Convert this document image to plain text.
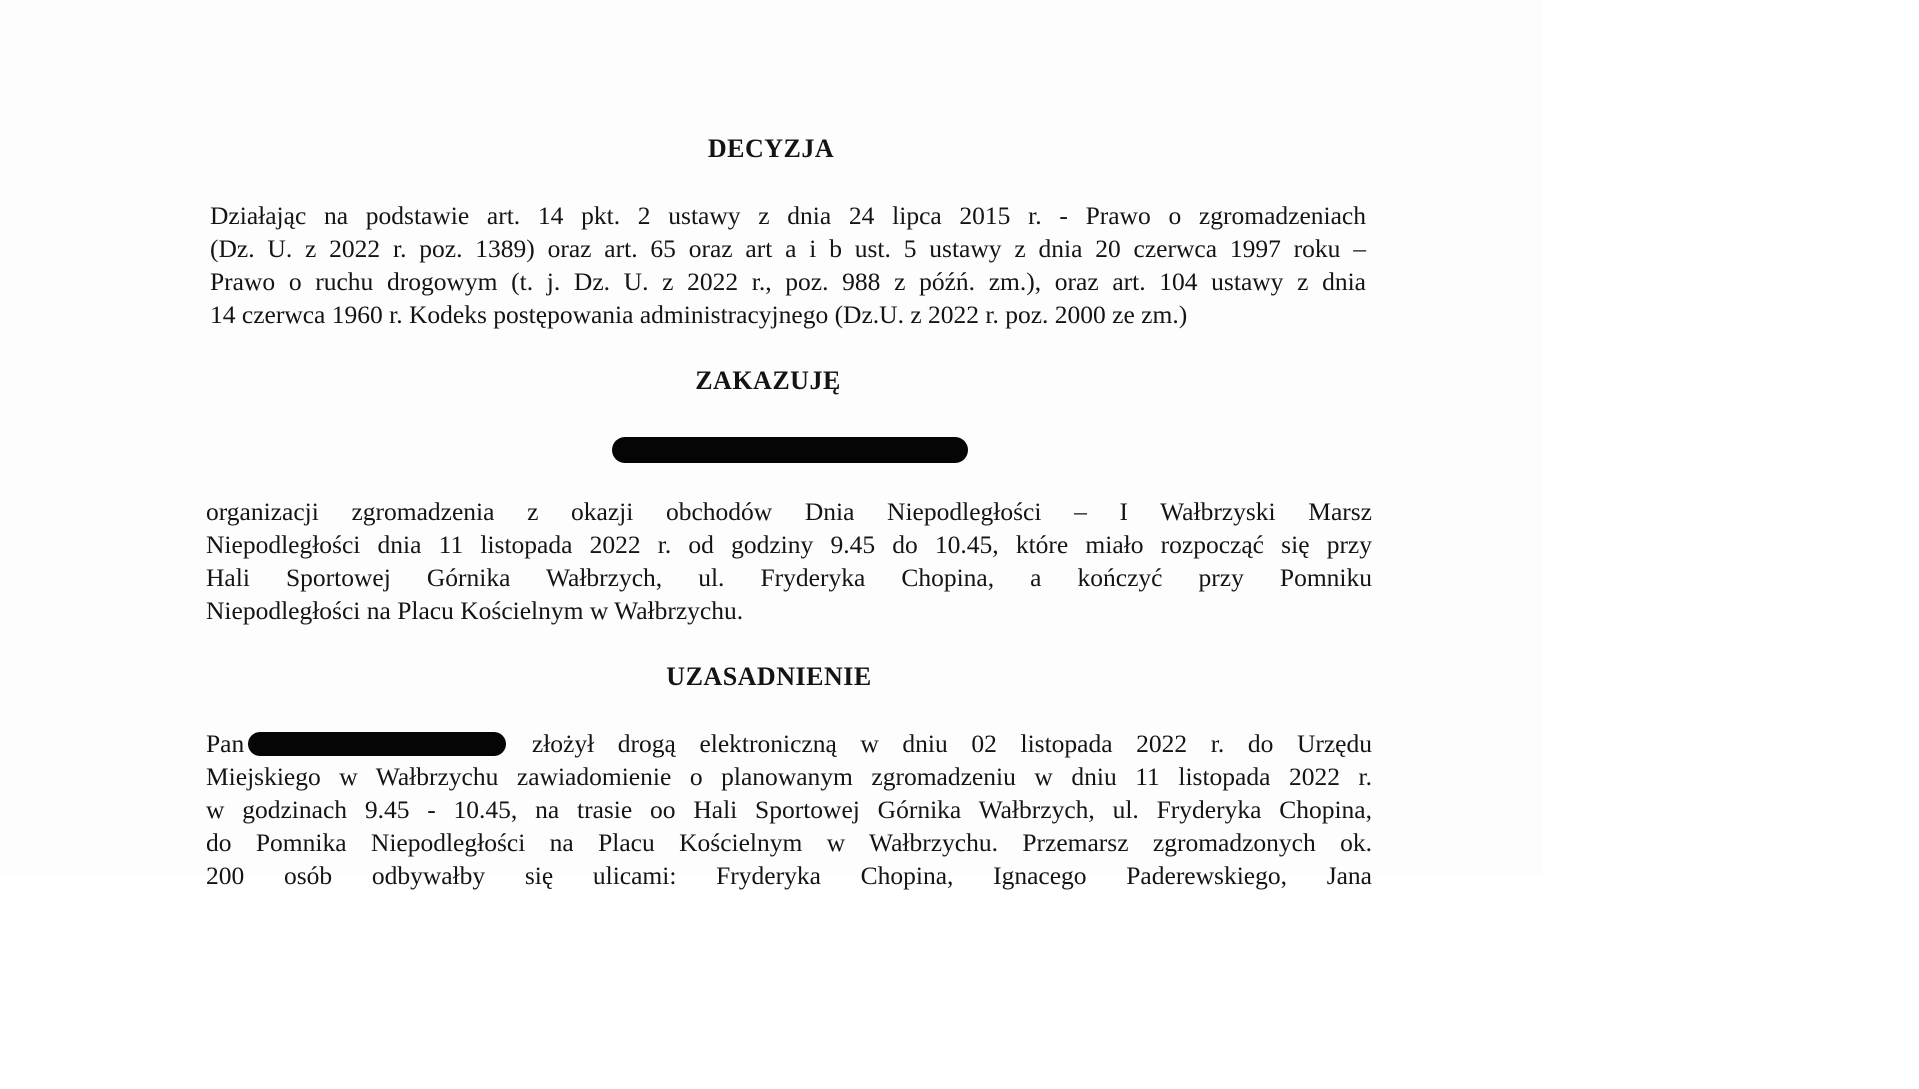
DECYZJA
Działając na podstawie art. 14 pkt. 2 ustawy z dnia 24 lipca 2015 r. - Prawo o zgromadzeniach
(Dz. U. z 2022 r. poz. 1389) oraz art. 65 oraz art a i b ust. 5 ustawy z dnia 20 czerwca 1997 roku –
Prawo o ruchu drogowym (t. j. Dz. U. z 2022 r., poz. 988 z późń. zm.), oraz art. 104 ustawy z dnia
14 czerwca 1960 r. Kodeks postępowania administracyjnego (Dz.U. z 2022 r. poz. 2000 ze zm.)
ZAKAZUJĘ
organizacji zgromadzenia z okazji obchodów Dnia Niepodległości – I Wałbrzyski Marsz
Niepodległości dnia 11 listopada 2022 r. od godziny 9.45 do 10.45, które miało rozpocząć się przy
Hali Sportowej Górnika Wałbrzych, ul. Fryderyka Chopina, a kończyć przy Pomniku
Niepodległości na Placu Kościelnym w Wałbrzychu.
UZASADNIENIE
Pan	złożył drogą elektroniczną w dniu 02 listopada 2022 r. do Urzędu
Miejskiego w Wałbrzychu zawiadomienie o planowanym zgromadzeniu w dniu 11 listopada 2022 r.
w godzinach 9.45 - 10.45, na trasie oo Hali Sportowej Górnika Wałbrzych, ul. Fryderyka Chopina,
do Pomnika Niepodległości na Placu Kościelnym w Wałbrzychu. Przemarsz zgromadzonych ok.
200 osób odbywałby się ulicami: Fryderyka Chopina, Ignacego Paderewskiego, Jana
